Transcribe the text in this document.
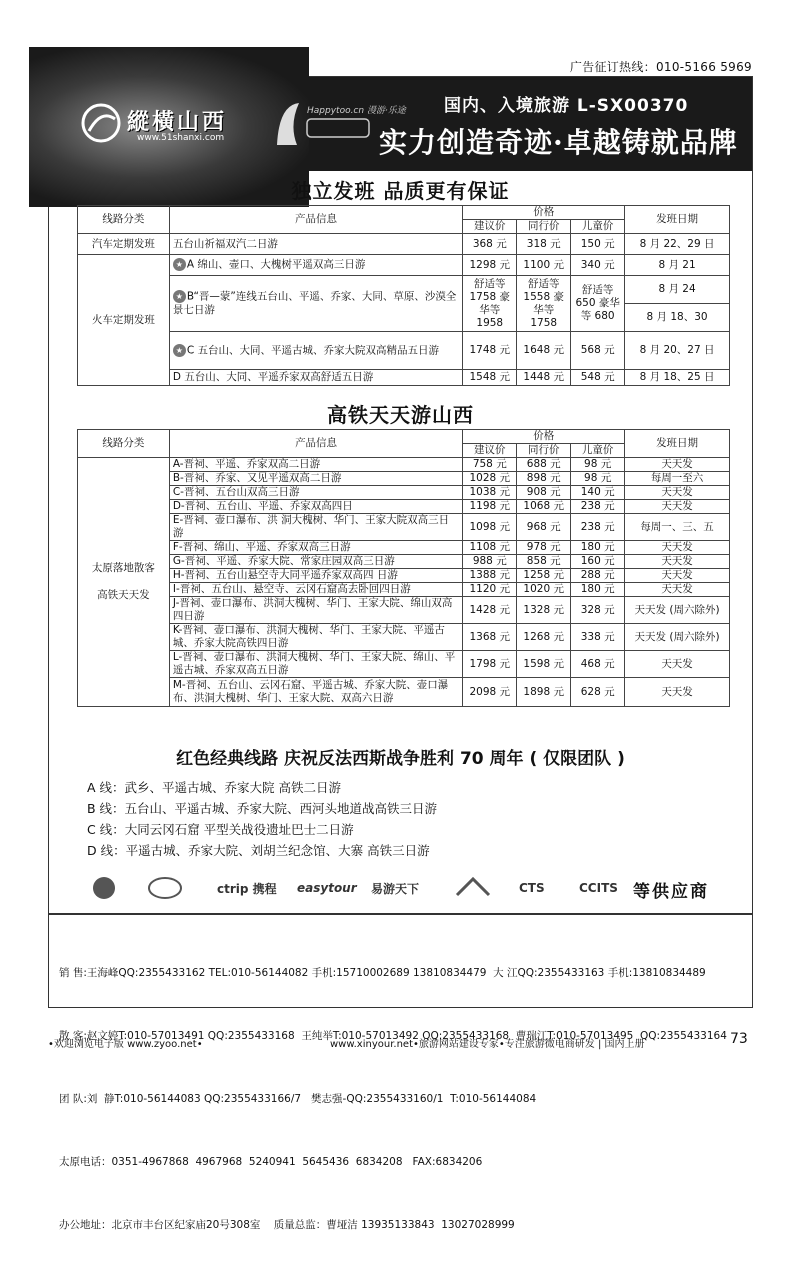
广告征订热线：010-5166 5969
縱橫山西
www.51shanxi.com
Happytoo.cn 漫游·乐途 国内、入境旅游 L-SX00370
实力创造奇迹·卓越铸就品牌
独立发班 品质更有保证
线路分类	产品信息	价格			发班日期
		建议价	同行价	儿童价	
汽车定期发班	五台山祈福双汽二日游	368 元	318 元	150 元	8 月 22、29 日
火车定期发班	★ A 绵山、壶口、大槐树平遥双高三日游	1298 元	1100 元	340 元	8 月 21
	★ B“晋—蒙”连线五台山、平遥、乔家、大同、草原、沙漠全景七日游	舒适等 1758 豪华等 1958	舒适等 1558 豪华等 1758	舒适等 650 豪华等 680	8 月 24
					8 月 18、30
	★ C 五台山、大同、平遥古城、乔家大院双高精品五日游	1748 元	1648 元	568 元	8 月 20、27 日
	D 五台山、大同、平遥乔家双高舒适五日游	1548 元	1448 元	548 元	8 月 18、25 日
高铁天天游山西
线路分类	产品信息	价格			发班日期
		建议价	同行价	儿童价	

太原落地散客
高铁天天发	A-晋祠、平遥、乔家双高二日游	758 元	688 元	98 元	天天发
	B-晋祠、乔家、又见平遥双高二日游	1028 元	898 元	98 元	每周一至六
	C-晋祠、五台山双高三日游	1038 元	908 元	140 元	天天发
	D-晋祠、五台山、平遥、乔家双高四日	1198 元	1068 元	238 元	天天发
	E-晋祠、壶口瀑布、洪 洞大槐树、华门、王家大院双高三日游	1098 元	968 元	238 元	每周一、三、五
	F-晋祠、绵山、平遥、乔家双高三日游	1108 元	978 元	180 元	天天发
	G-晋祠、平遥、乔家大院、常家庄园双高三日游	988 元	858 元	160 元	天天发
	H-晋祠、五台山悬空寺大同平遥乔家双高四 日游	1388 元	1258 元	288 元	天天发
	I-晋祠、五台山、悬空寺、云冈石窟高去卧回四日游	1120 元	1020 元	180 元	天天发
	J-晋祠、壶口瀑布、洪洞大槐树、华门、王家大院、绵山双高四日游	1428 元	1328 元	328 元	天天发 (周六除外)
	K-晋祠、壶口瀑布、洪洞大槐树、华门、王家大院、平遥古城、乔家大院高铁四日游	1368 元	1268 元	338 元	天天发 (周六除外)
	L-晋祠、壶口瀑布、洪洞大槐树、华门、王家大院、绵山、平遥古城、乔家双高五日游	1798 元	1598 元	468 元	天天发
	M-晋祠、五台山、云冈石窟、平遥古城、乔家大院、壶口瀑布、洪洞大槐树、华门、王家大院、双高六日游	2098 元	1898 元	628 元	天天发
红色经典线路 庆祝反法西斯战争胜利 70 周年 ( 仅限团队 )
A 线：武乡、平遥古城、乔家大院 高铁二日游
B 线：五台山、平遥古城、乔家大院、西河头地道战高铁三日游
C 线：大同云冈石窟 平型关战役遗址巴士二日游
D 线：平遥古城、乔家大院、刘胡兰纪念馆、大寨 高铁三日游
ctrip 携程 easytour 易游天下	CTS	CCITS 等供应商

销 售:王海峰QQ:2355433162 TEL:010-56144082 手机:15710002689 13810834479  大 江QQ:2355433163 手机:13810834489

散 客:赵文婷T:010-57013491 QQ:2355433168  王纯举T:010-57013492 QQ:2355433168  曹瑞江T:010-57013495  QQ:2355433164

团 队:刘  静T:010-56144083 QQ:2355433166/7   樊志强-QQ:2355433160/1  T:010-56144084

太原电话：0351-4967868  4967968  5240941  5645436  6834208   FAX:6834206

办公地址：北京市丰台区纪家庙20号308室    质量总监：曹垭洁 13935133843  13027028999

•欢迎浏览电子版 www.zyoo.net•	www.xinyour.net•旅游网站建设专家•专注旅游微电商研发 | 国内上册	73
